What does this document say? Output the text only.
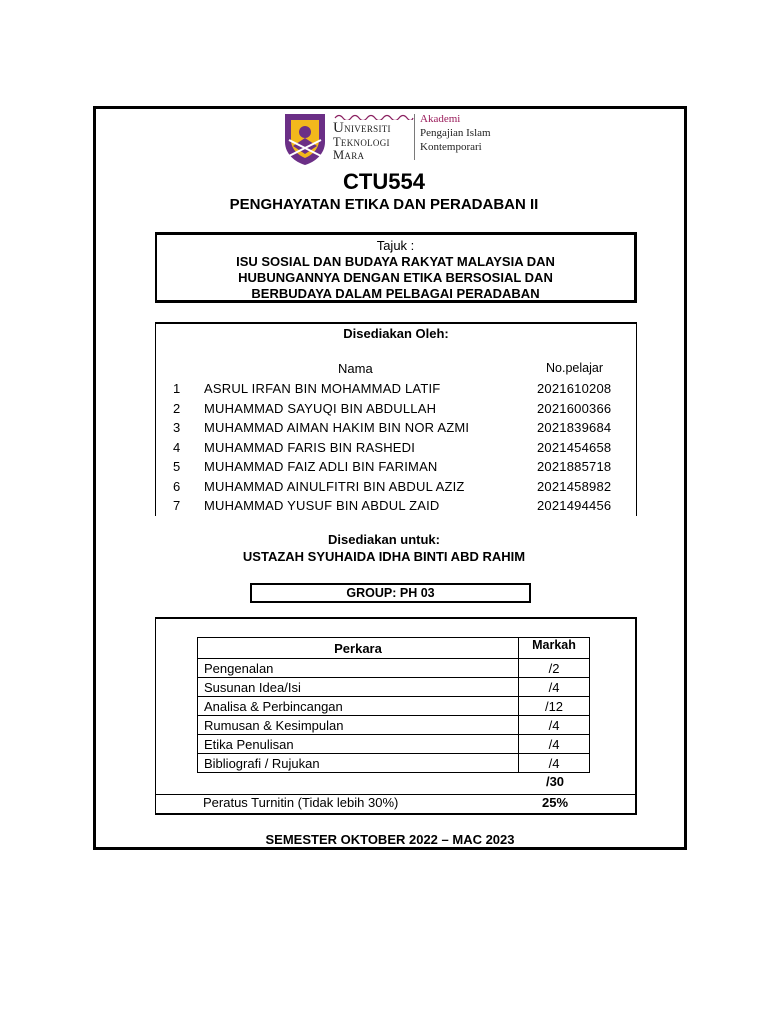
Universiti
Teknologi
Mara
Akademi
Pengajian Islam
Kontemporari
CTU554
PENGHAYATAN ETIKA DAN PERADABAN II
Tajuk :
ISU SOSIAL DAN BUDAYA RAKYAT MALAYSIA DAN
HUBUNGANNYA DENGAN ETIKA BERSOSIAL DAN
BERBUDAYA DALAM PELBAGAI PERADABAN
Disediakan Oleh:
Nama	No.pelajar
1 ASRUL IRFAN BIN MOHAMMAD LATIF	2021610208
2 MUHAMMAD SAYUQI BIN ABDULLAH	2021600366
3 MUHAMMAD AIMAN HAKIM BIN NOR AZMI	2021839684
4 MUHAMMAD FARIS BIN RASHEDI	2021454658
5 MUHAMMAD FAIZ ADLI BIN FARIMAN	2021885718
6 MUHAMMAD AINULFITRI BIN ABDUL AZIZ	2021458982
7 MUHAMMAD YUSUF BIN ABDUL ZAID	2021494456
Disediakan untuk:
USTAZAH SYUHAIDA IDHA BINTI ABD RAHIM
GROUP: PH 03
Perkara	Markah
Pengenalan	/2
Susunan Idea/Isi	/4
Analisa & Perbincangan	/12
Rumusan & Kesimpulan	/4
Etika Penulisan	/4
Bibliografi / Rujukan	/4
/30
Peratus Turnitin (Tidak lebih 30%)	25%
SEMESTER OKTOBER 2022 – MAC 2023
